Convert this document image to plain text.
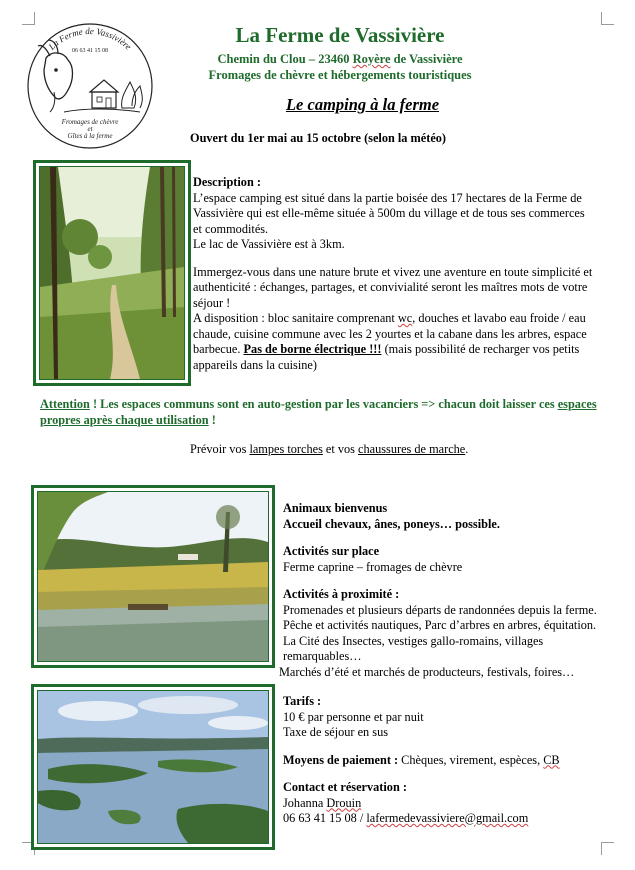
La Ferme de Vassivière
06 63 41 15 08
Fromages de chèvre
et
Gîtes à la ferme
La Ferme de Vassivière
Chemin du Clou – 23460 Royère de Vassivière
Fromages de chèvre et hébergements touristiques
Le camping à la ferme
Ouvert du 1er mai au 15 octobre (selon la météo)

Description :

L’espace camping est situé dans la partie boisée des 17 hectares de la Ferme de Vassivière qui est elle-même située à 500m du village et de tous ses commerces et commodités.

Le lac de Vassivière est à 3km.

Immergez-vous dans une nature brute et vivez une aventure en toute simplicité et authenticité : échanges, partages, et convivialité seront les maîtres mots de votre séjour !

A disposition : bloc sanitaire comprenant wc, douches et lavabo eau froide / eau chaude, cuisine commune avec les 2 yourtes et la cabane dans les arbres, espace barbecue. Pas de borne électrique !!! (mais possibilité de recharger vos petits appareils dans la cuisine)

Attention ! Les espaces communs sont en auto-gestion par les vacanciers => chacun doit laisser ces espaces
propres après chaque utilisation !
Prévoir vos lampes torches et vos chaussures de marche.

Animaux bienvenus

Accueil chevaux, ânes, poneys… possible.

Activités sur place

Ferme caprine – fromages de chèvre

Activités à proximité :

Promenades et plusieurs départs de randonnées depuis la ferme.

Pêche et activités nautiques, Parc d’arbres en arbres, équitation.

La Cité des Insectes, vestiges gallo-romains, villages

remarquables…

Marchés d’été et marchés de producteurs, festivals, foires…

Tarifs :

10 € par personne et par nuit

Taxe de séjour en sus

Moyens de paiement : Chèques, virement, espèces, CB

Contact et réservation :

Johanna Drouin

06 63 41 15 08 / lafermedevassiviere@gmail.com
